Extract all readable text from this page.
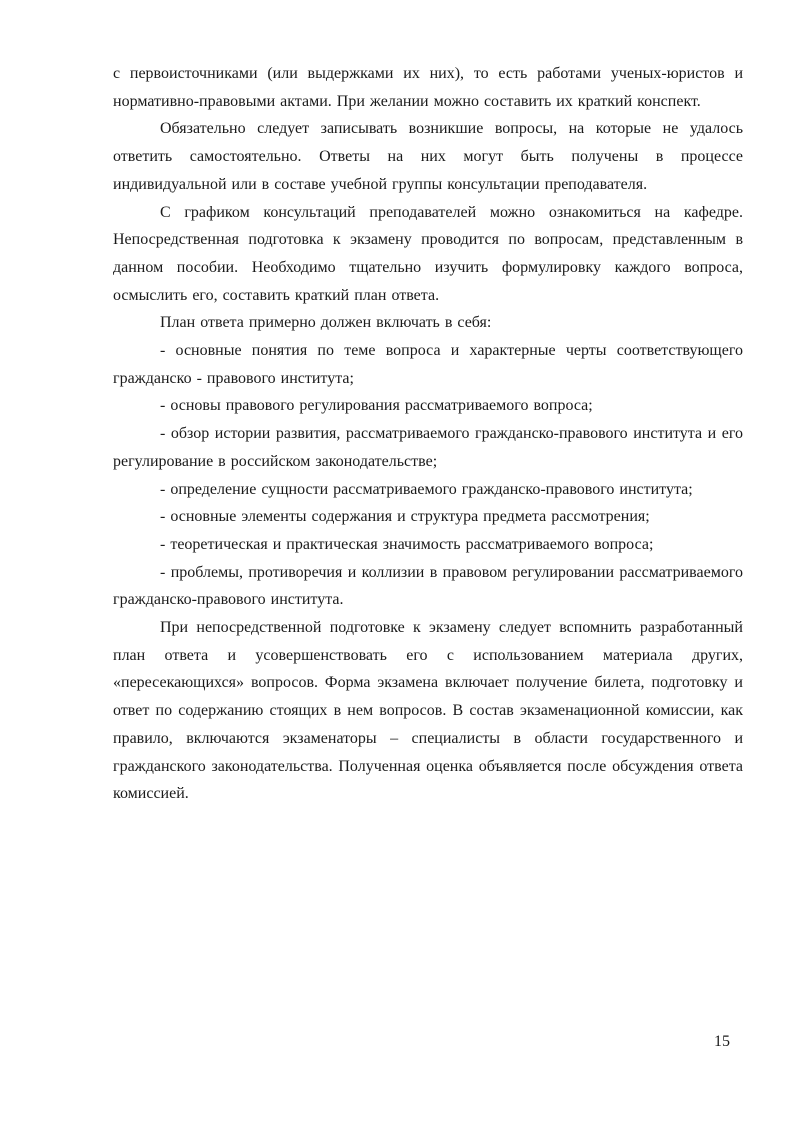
с первоисточниками (или выдержками их них), то есть работами ученых-юристов и нормативно-правовыми актами. При желании можно составить их краткий конспект.

Обязательно следует записывать возникшие вопросы, на которые не удалось ответить самостоятельно. Ответы на них могут быть получены в процессе индивидуальной или в составе учебной группы консультации преподавателя.

С графиком консультаций преподавателей можно ознакомиться на кафедре. Непосредственная подготовка к экзамену проводится по вопросам, представленным в данном пособии. Необходимо тщательно изучить формулировку каждого вопроса, осмыслить его, составить краткий план ответа.

План ответа примерно должен включать в себя:

- основные понятия по теме вопроса и характерные черты соответствующего гражданско - правового института;

- основы правового регулирования рассматриваемого вопроса;

- обзор истории развития, рассматриваемого гражданско-правового института и его регулирование в российском законодательстве;

- определение сущности рассматриваемого гражданско-правового института;

- основные элементы содержания и структура предмета рассмотрения;

- теоретическая и практическая значимость рассматриваемого вопроса;

- проблемы, противоречия и коллизии в правовом регулировании рассматриваемого гражданско-правового института.

При непосредственной подготовке к экзамену следует вспомнить разработанный план ответа и усовершенствовать его с использованием материала других, «пересекающихся» вопросов. Форма экзамена включает получение билета, подготовку и ответ по содержанию стоящих в нем вопросов. В состав экзаменационной комиссии, как правило, включаются экзаменаторы – специалисты в области государственного и гражданского законодательства. Полученная оценка объявляется после обсуждения ответа комиссией.

15
